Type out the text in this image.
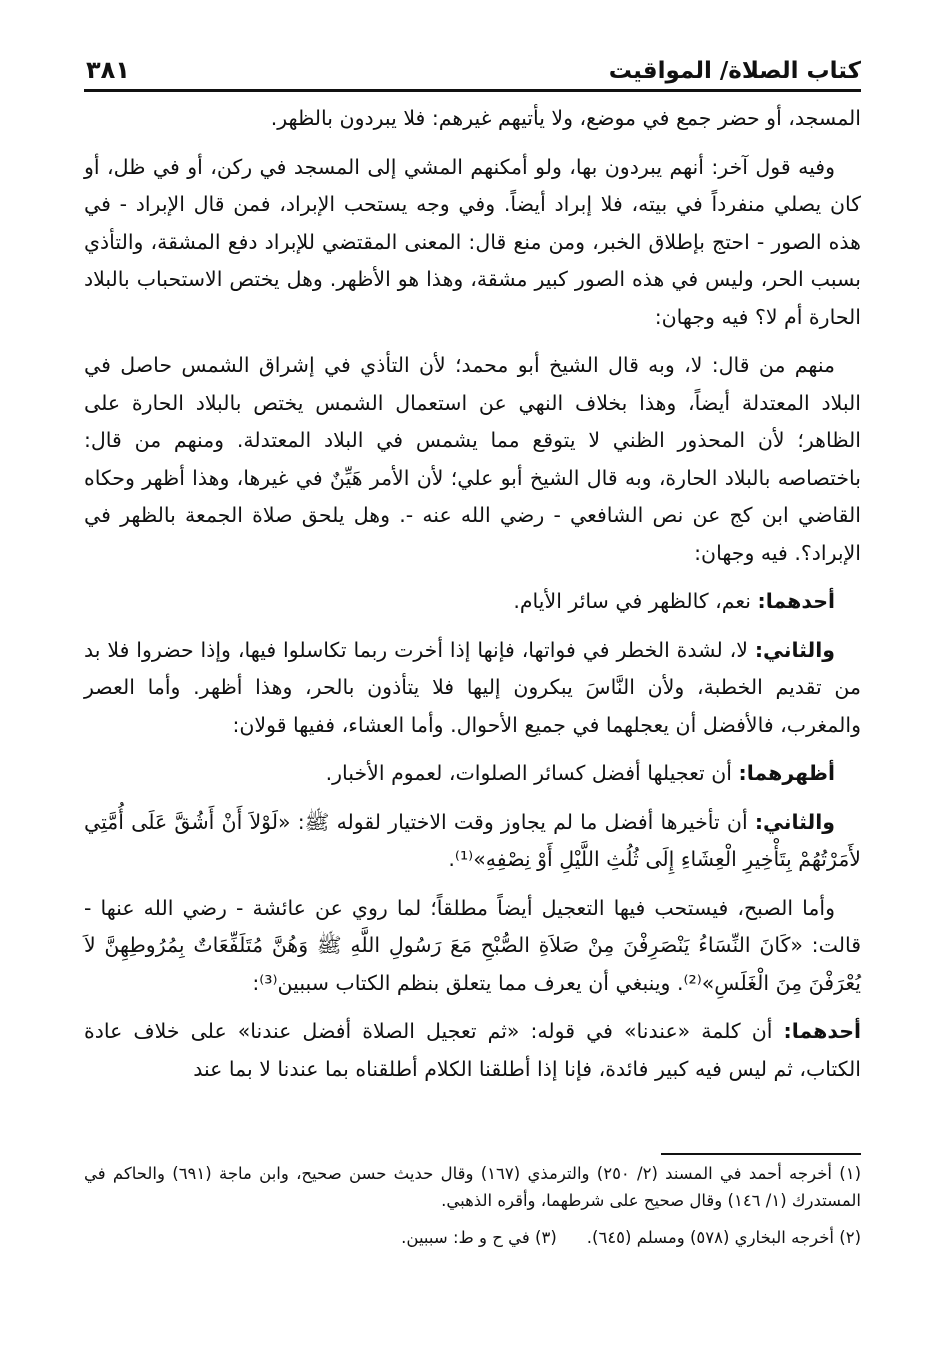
كتاب الصلاة/ المواقيت
٣٨١

المسجد، أو حضر جمع في موضع، ولا يأتيهم غيرهم: فلا يبردون بالظهر.

وفيه قول آخر: أنهم يبردون بها، ولو أمكنهم المشي إلى المسجد في ركن، أو في ظل، أو كان يصلي منفرداً في بيته، فلا إبراد أيضاً. وفي وجه يستحب الإبراد، فمن قال الإبراد - في هذه الصور - احتج بإطلاق الخبر، ومن منع قال: المعنى المقتضي للإبراد دفع المشقة، والتأذي بسبب الحر، وليس في هذه الصور كبير مشقة، وهذا هو الأظهر. وهل يختص الاستحباب بالبلاد الحارة أم لا؟ فيه وجهان:

منهم من قال: لا، وبه قال الشيخ أبو محمد؛ لأن التأذي في إشراق الشمس حاصل في البلاد المعتدلة أيضاً، وهذا بخلاف النهي عن استعمال الشمس يختص بالبلاد الحارة على الظاهر؛ لأن المحذور الظني لا يتوقع مما يشمس في البلاد المعتدلة. ومنهم من قال: باختصاصه بالبلاد الحارة، وبه قال الشيخ أبو علي؛ لأن الأمر هَيِّنٌ في غيرها، وهذا أظهر وحكاه القاضي ابن كج عن نص الشافعي - رضي الله عنه -. وهل يلحق صلاة الجمعة بالظهر في الإبراد؟. فيه وجهان:

أحدهما: نعم، كالظهر في سائر الأيام.

والثاني: لا، لشدة الخطر في فواتها، فإنها إذا أخرت ربما تكاسلوا فيها، وإذا حضروا فلا بد من تقديم الخطبة، ولأن النَّاسَ يبكرون إليها فلا يتأذون بالحر، وهذا أظهر. وأما العصر والمغرب، فالأفضل أن يعجلهما في جميع الأحوال. وأما العشاء، ففيها قولان:

أظهرهما: أن تعجيلها أفضل كسائر الصلوات، لعموم الأخبار.

والثاني: أن تأخيرها أفضل ما لم يجاوز وقت الاختيار لقوله ﷺ: «لَوْلاَ أَنْ أَشُقَّ عَلَى أُمَّتِي لأَمَرْتُهُمْ بِتَأْخِيرِ الْعِشَاءِ إِلَى ثُلُثِ اللَّيْلِ أَوْ نِصْفِهِ»⁽¹⁾.

وأما الصبح، فيستحب فيها التعجيل أيضاً مطلقاً؛ لما روي عن عائشة - رضي الله عنها - قالت: «كَانَ النِّسَاءُ يَنْصَرِفْنَ مِنْ صَلاَةِ الصُّبْحِ مَعَ رَسُولِ اللَّهِ ﷺ وَهُنَّ مُتَلَفِّعَاتٌ بِمُرُوطِهِنَّ لاَ يُعْرَفْنَ مِنَ الْغَلَسِ»⁽²⁾. وينبغي أن يعرف مما يتعلق بنظم الكتاب سببين⁽³⁾:

أحدهما: أن كلمة «عندنا» في قوله: «ثم تعجيل الصلاة أفضل عندنا» على خلاف عادة الكتاب، ثم ليس فيه كبير فائدة، فإنا إذا أطلقنا الكلام أطلقناه بما عندنا لا بما عند

(١) أخرجه أحمد في المسند (٢/ ٢٥٠) والترمذي (١٦٧) وقال حديث حسن صحيح، وابن ماجة (٦٩١) والحاكم في المستدرك (١/ ١٤٦) وقال صحيح على شرطهما، وأقره الذهبي.

(٢) أخرجه البخاري (٥٧٨) ومسلم (٦٤٥).(٣) في ح و ط: سببين.
